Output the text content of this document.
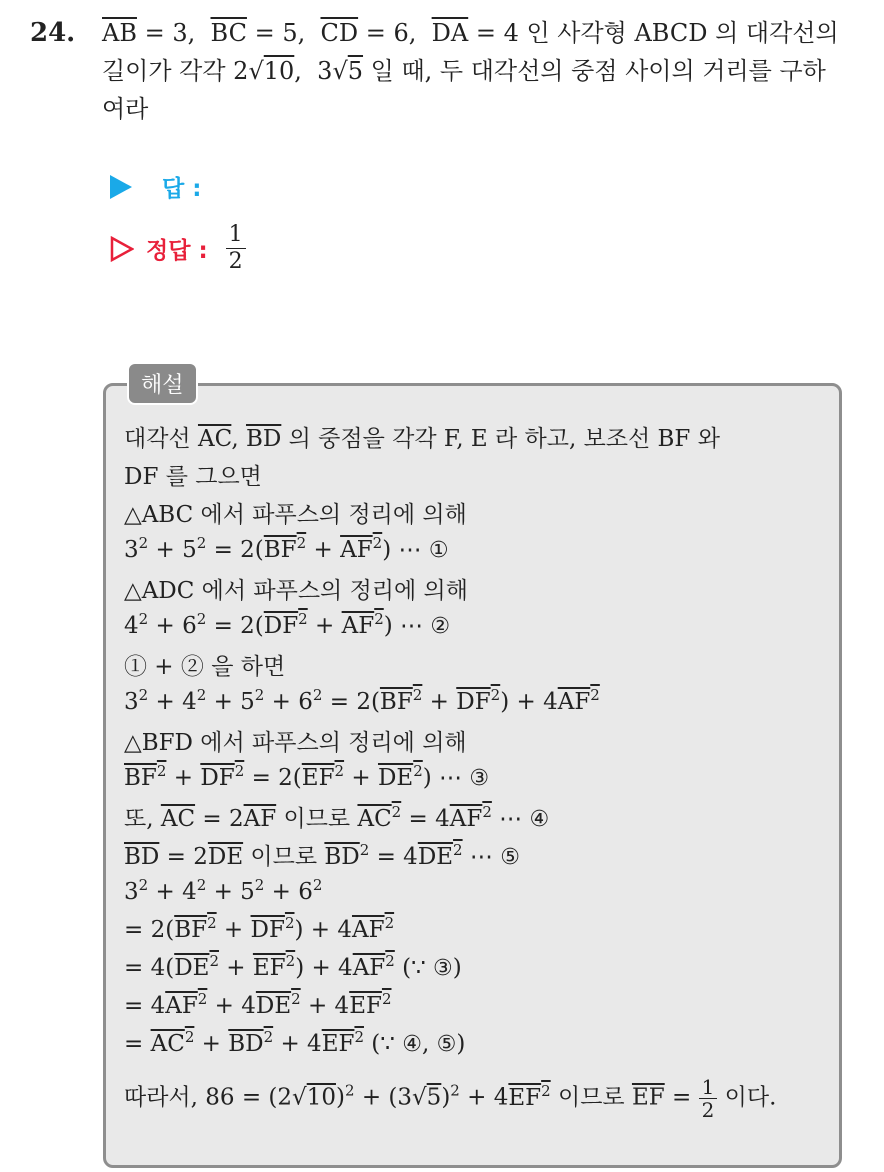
24. $\overline{AB} = 3$,  $\overline{BC} = 5$,  $\overline{CD} = 6$,  $\overline{DA} = 4$ 인 사각형 ABCD 의 대각선의
길이가 각각 2√10,  3√5 일 때, 두 대각선의 중점 사이의 거리를 구하
여라
답 :
정답 : $\frac{1}{2}$
해설
대각선 $\overline{AC}$, $\overline{BD}$ 의 중점을 각각 F, E 라 하고, 보조선 BF 와
DF 를 그으면
△ABC 에서 파푸스의 정리에 의해
$3^2 + 5^2 = 2(BF^2 + AF^2)$ ⋯ ①
△ADC 에서 파푸스의 정리에 의해
$4^2 + 6^2 = 2(DF^2 + AF^2)$ ⋯ ②
① + ② 을 하면
$3^2 + 4^2 + 5^2 + 6^2 = 2(BF^2 + DF^2) + 4AF^2$
△BFD 에서 파푸스의 정리에 의해
$BF^2 + DF^2 = 2(EF^2 + DE^2)$ ⋯ ③
또, $\overline{AC} = 2\overline{AF}$ 이므로 $AC^2 = 4AF^2$ ⋯ ④
$\overline{BD} = 2\overline{DE}$ 이므로 $\overline{BD}^2 = 4DE^2$ ⋯ ⑤
$3^2 + 4^2 + 5^2 + 6^2$
= $2(BF^2 + DF^2) + 4AF^2$
= $4(DE^2 + EF^2) + 4AF^2$ (∵ ③)
= $4AF^2 + 4DE^2 + 4EF^2$
= $AC^2 + BD^2 + 4EF^2$ (∵ ④, ⑤)
따라서, $86 = (2√10)^2 + (3√5)^2 + 4EF^2$ 이므로 $\overline{EF} = \frac{1}{2}$ 이다.
